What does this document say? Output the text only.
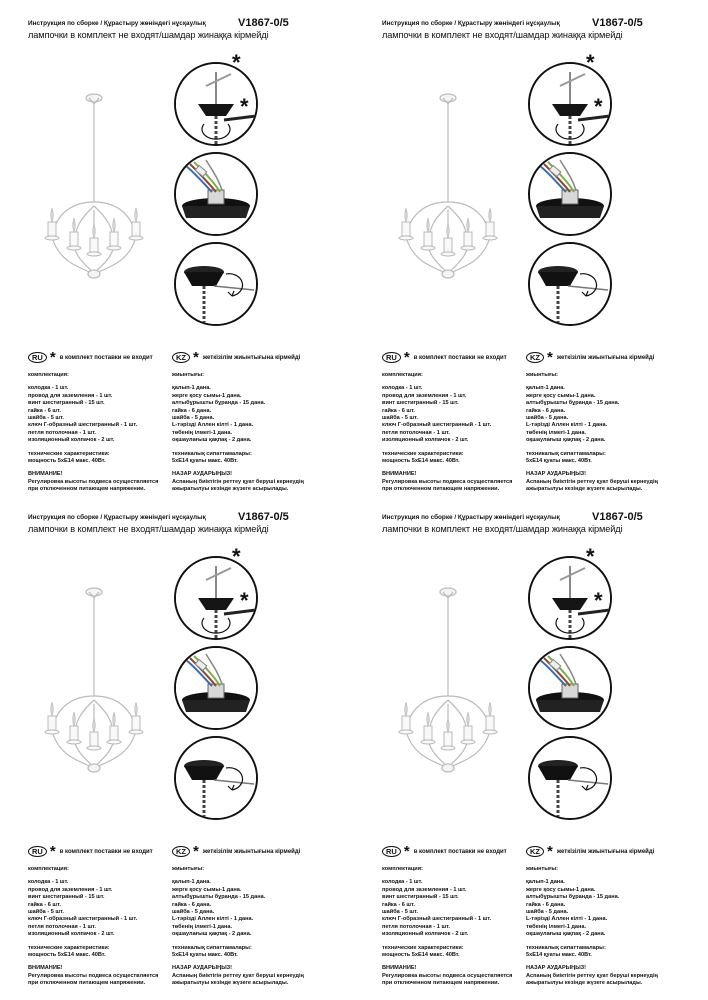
Инструкция по сборке / Құрастыру жөніндегі нұсқаулық	V1867-0/5
лампочки в комплект не входят/шамдар жинаққа кірмейді
*
*
RU * в комплект поставки не входит	KZ * жеткізілім жиынтығына кірмейді
комплектация:
колодка - 1 шт.
провод для заземления - 1 шт.
винт шестигранный - 15 шт.
гайка - 6 шт.
шайба - 5 шт.
ключ Г-образный шестигранный - 1 шт.
петля потолочная - 1 шт.
изоляционный колпачок - 2 шт.
технические характеристики:
мощность 5xE14 макс. 40Вт.
ВНИМАНИЕ!
Регулировка высоты подвеса осуществляется
при отключенном питающем напряжении.
жиынтығы:
қалып-1 дана.
жерге қосу сымы-1 дана.
алтыбұрышты бұранда - 15 дана.
гайка - 6 дана.
шайба - 5 дана.
L-тәрізді Аллен кілті - 1 дана.
төбенің ілмегі-1 дана.
оқшаулағыш қақпақ - 2 дана.
техникалық сипаттамалары:
5xE14 қуаты макс. 40Вт.
НАЗАР АУДАРЫҢЫЗ!
Аспаның биіктігін реттеу қуат беруші кернеудің
ажыратылуы кезінде жүзеге асырылады.
Инструкция по сборке / Құрастыру жөніндегі нұсқаулық	V1867-0/5
лампочки в комплект не входят/шамдар жинаққа кірмейді
*
*
RU * в комплект поставки не входит	KZ * жеткізілім жиынтығына кірмейді
комплектация:
колодка - 1 шт.
провод для заземления - 1 шт.
винт шестигранный - 15 шт.
гайка - 6 шт.
шайба - 5 шт.
ключ Г-образный шестигранный - 1 шт.
петля потолочная - 1 шт.
изоляционный колпачок - 2 шт.
технические характеристики:
мощность 5xE14 макс. 40Вт.
ВНИМАНИЕ!
Регулировка высоты подвеса осуществляется
при отключенном питающем напряжении.
жиынтығы:
қалып-1 дана.
жерге қосу сымы-1 дана.
алтыбұрышты бұранда - 15 дана.
гайка - 6 дана.
шайба - 5 дана.
L-тәрізді Аллен кілті - 1 дана.
төбенің ілмегі-1 дана.
оқшаулағыш қақпақ - 2 дана.
техникалық сипаттамалары:
5xE14 қуаты макс. 40Вт.
НАЗАР АУДАРЫҢЫЗ!
Аспаның биіктігін реттеу қуат беруші кернеудің
ажыратылуы кезінде жүзеге асырылады.
Инструкция по сборке / Құрастыру жөніндегі нұсқаулық	V1867-0/5
лампочки в комплект не входят/шамдар жинаққа кірмейді
*
*
RU * в комплект поставки не входит	KZ * жеткізілім жиынтығына кірмейді
комплектация:
колодка - 1 шт.
провод для заземления - 1 шт.
винт шестигранный - 15 шт.
гайка - 6 шт.
шайба - 5 шт.
ключ Г-образный шестигранный - 1 шт.
петля потолочная - 1 шт.
изоляционный колпачок - 2 шт.
технические характеристики:
мощность 5xE14 макс. 40Вт.
ВНИМАНИЕ!
Регулировка высоты подвеса осуществляется
при отключенном питающем напряжении.
жиынтығы:
қалып-1 дана.
жерге қосу сымы-1 дана.
алтыбұрышты бұранда - 15 дана.
гайка - 6 дана.
шайба - 5 дана.
L-тәрізді Аллен кілті - 1 дана.
төбенің ілмегі-1 дана.
оқшаулағыш қақпақ - 2 дана.
техникалық сипаттамалары:
5xE14 қуаты макс. 40Вт.
НАЗАР АУДАРЫҢЫЗ!
Аспаның биіктігін реттеу қуат беруші кернеудің
ажыратылуы кезінде жүзеге асырылады.
Инструкция по сборке / Құрастыру жөніндегі нұсқаулық	V1867-0/5
лампочки в комплект не входят/шамдар жинаққа кірмейді
*
*
RU * в комплект поставки не входит	KZ * жеткізілім жиынтығына кірмейді
комплектация:
колодка - 1 шт.
провод для заземления - 1 шт.
винт шестигранный - 15 шт.
гайка - 6 шт.
шайба - 5 шт.
ключ Г-образный шестигранный - 1 шт.
петля потолочная - 1 шт.
изоляционный колпачок - 2 шт.
технические характеристики:
мощность 5xE14 макс. 40Вт.
ВНИМАНИЕ!
Регулировка высоты подвеса осуществляется
при отключенном питающем напряжении.
жиынтығы:
қалып-1 дана.
жерге қосу сымы-1 дана.
алтыбұрышты бұранда - 15 дана.
гайка - 6 дана.
шайба - 5 дана.
L-тәрізді Аллен кілті - 1 дана.
төбенің ілмегі-1 дана.
оқшаулағыш қақпақ - 2 дана.
техникалық сипаттамалары:
5xE14 қуаты макс. 40Вт.
НАЗАР АУДАРЫҢЫЗ!
Аспаның биіктігін реттеу қуат беруші кернеудің
ажыратылуы кезінде жүзеге асырылады.
